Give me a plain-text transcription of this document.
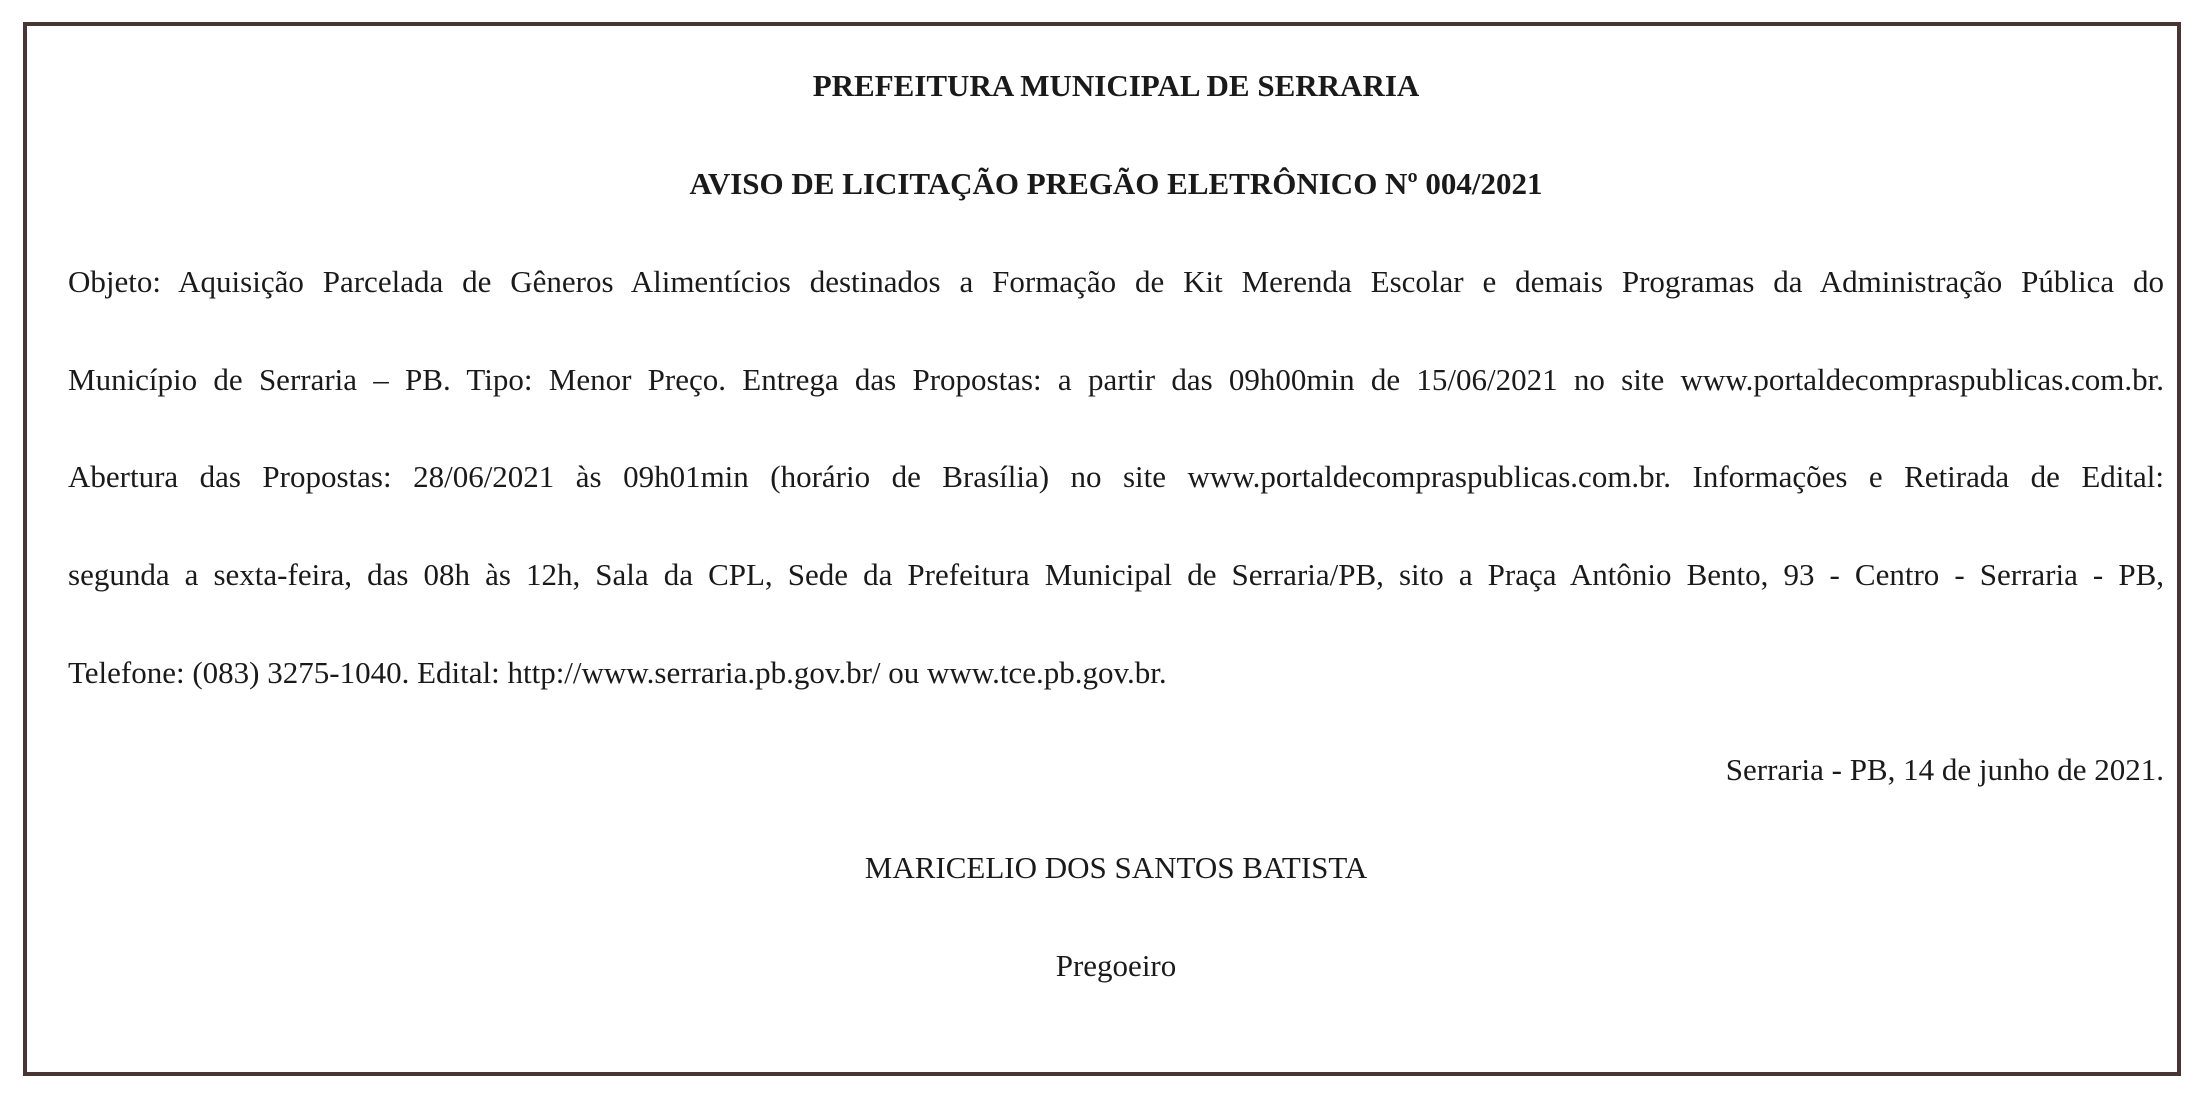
PREFEITURA MUNICIPAL DE SERRARIA
AVISO DE LICITAÇÃO PREGÃO ELETRÔNICO Nº 004/2021
Objeto: Aquisição Parcelada de Gêneros Alimentícios destinados a Formação de Kit Merenda Escolar e demais Programas da Administração Pública do
Município de Serraria – PB. Tipo: Menor Preço. Entrega das Propostas: a partir das 09h00min de 15/06/2021 no site www.portaldecompraspublicas.com.br.
Abertura das Propostas: 28/06/2021 às 09h01min (horário de Brasília) no site www.portaldecompraspublicas.com.br. Informações e Retirada de Edital:
segunda a sexta-feira, das 08h às 12h, Sala da CPL, Sede da Prefeitura Municipal de Serraria/PB, sito a Praça Antônio Bento, 93 - Centro - Serraria - PB,
Telefone: (083) 3275-1040. Edital: http://www.serraria.pb.gov.br/ ou www.tce.pb.gov.br.
Serraria - PB, 14 de junho de 2021.
MARICELIO DOS SANTOS BATISTA
Pregoeiro
